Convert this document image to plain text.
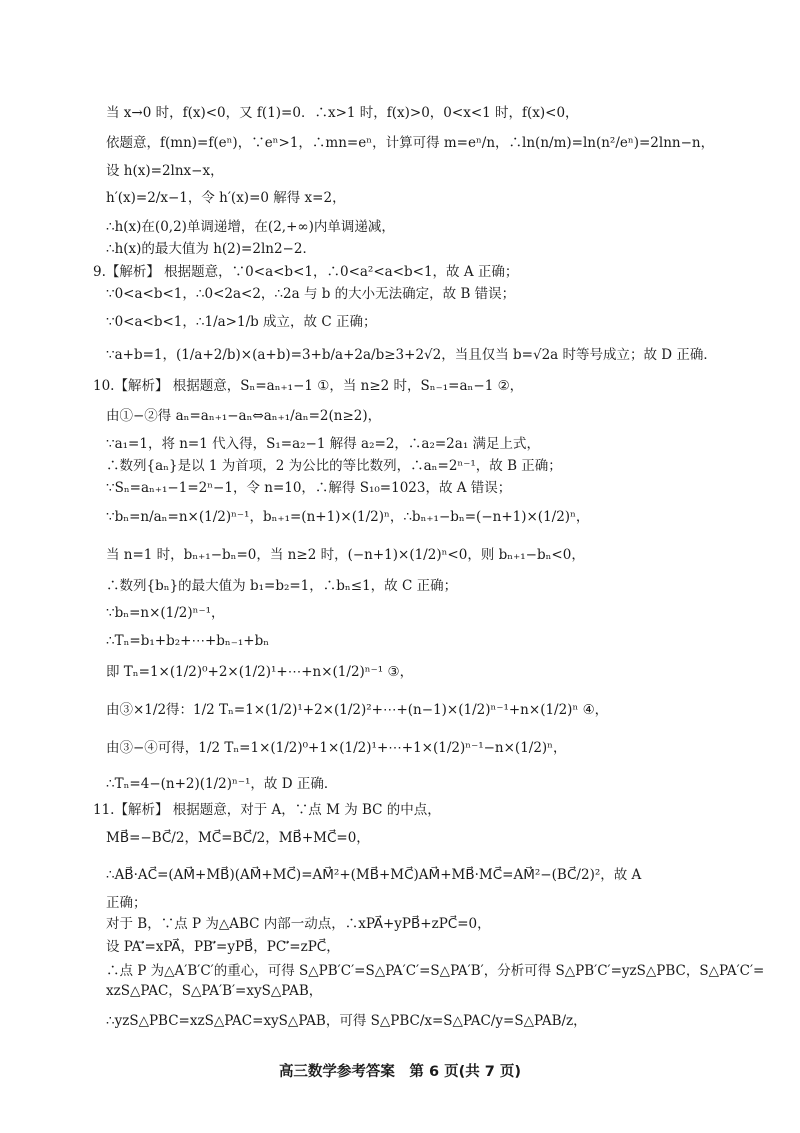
当 x→0 时，f(x)<0，又 f(1)=0．∴x>1 时，f(x)>0，0<x<1 时，f(x)<0，
依题意，f(mn)=f(eⁿ)，∵eⁿ>1，∴mn=eⁿ，计算可得 m=eⁿ/n，∴ln(n/m)=ln(n²/eⁿ)=2lnn−n，
设 h(x)=2lnx−x，
h′(x)=2/x−1，令 h′(x)=0 解得 x=2，
∴h(x)在(0,2)单调递增，在(2,+∞)内单调递减，
∴h(x)的最大值为 h(2)=2ln2−2．
9.【解析】 根据题意，∵0<a<b<1，∴0<a²<a<b<1，故 A 正确；
∵0<a<b<1，∴0<2a<2，∴2a 与 b 的大小无法确定，故 B 错误；
∵0<a<b<1，∴1/a>1/b 成立，故 C 正确；
∵a+b=1，(1/a+2/b)×(a+b)=3+b/a+2a/b≥3+2√2，当且仅当 b=√2a 时等号成立；故 D 正确．
10.【解析】 根据题意，Sₙ=aₙ₊₁−1 ①，当 n≥2 时，Sₙ₋₁=aₙ−1 ②，
由①−②得 aₙ=aₙ₊₁−aₙ⇔aₙ₊₁/aₙ=2(n≥2)，
∵a₁=1，将 n=1 代入得，S₁=a₂−1 解得 a₂=2，∴a₂=2a₁ 满足上式，
∴数列{aₙ}是以 1 为首项，2 为公比的等比数列，∴aₙ=2ⁿ⁻¹，故 B 正确；
∵Sₙ=aₙ₊₁−1=2ⁿ−1，令 n=10，∴解得 S₁₀=1023，故 A 错误；
∵bₙ=n/aₙ=n×(1/2)ⁿ⁻¹，bₙ₊₁=(n+1)×(1/2)ⁿ，∴bₙ₊₁−bₙ=(−n+1)×(1/2)ⁿ，
当 n=1 时，bₙ₊₁−bₙ=0，当 n≥2 时，(−n+1)×(1/2)ⁿ<0，则 bₙ₊₁−bₙ<0，
∴数列{bₙ}的最大值为 b₁=b₂=1，∴bₙ≤1，故 C 正确；
∵bₙ=n×(1/2)ⁿ⁻¹，
∴Tₙ=b₁+b₂+⋯+bₙ₋₁+bₙ
即 Tₙ=1×(1/2)⁰+2×(1/2)¹+⋯+n×(1/2)ⁿ⁻¹ ③，
由③×1/2得：1/2 Tₙ=1×(1/2)¹+2×(1/2)²+⋯+(n−1)×(1/2)ⁿ⁻¹+n×(1/2)ⁿ ④，
由③−④可得，1/2 Tₙ=1×(1/2)⁰+1×(1/2)¹+⋯+1×(1/2)ⁿ⁻¹−n×(1/2)ⁿ，
∴Tₙ=4−(n+2)(1/2)ⁿ⁻¹，故 D 正确．
11.【解析】 根据题意，对于 A，∵点 M 为 BC 的中点，
MB⃗=−BC⃗/2，MC⃗=BC⃗/2，MB⃗+MC⃗=0，
∴AB⃗·AC⃗=(AM⃗+MB⃗)(AM⃗+MC⃗)=AM⃗²+(MB⃗+MC⃗)AM⃗+MB⃗·MC⃗=AM⃗²−(BC⃗/2)²，故 A
正确；
对于 B，∵点 P 为△ABC 内部一动点，∴xPA⃗+yPB⃗+zPC⃗=0，
设 PA′⃗=xPA⃗，PB′⃗=yPB⃗，PC′⃗=zPC⃗，
∴点 P 为△A′B′C′的重心，可得 S△PB′C′=S△PA′C′=S△PA′B′，分析可得 S△PB′C′=yzS△PBC，S△PA′C′=
xzS△PAC，S△PA′B′=xyS△PAB，
∴yzS△PBC=xzS△PAC=xyS△PAB，可得 S△PBC/x=S△PAC/y=S△PAB/z，
高三数学参考答案　第 6 页(共 7 页)
